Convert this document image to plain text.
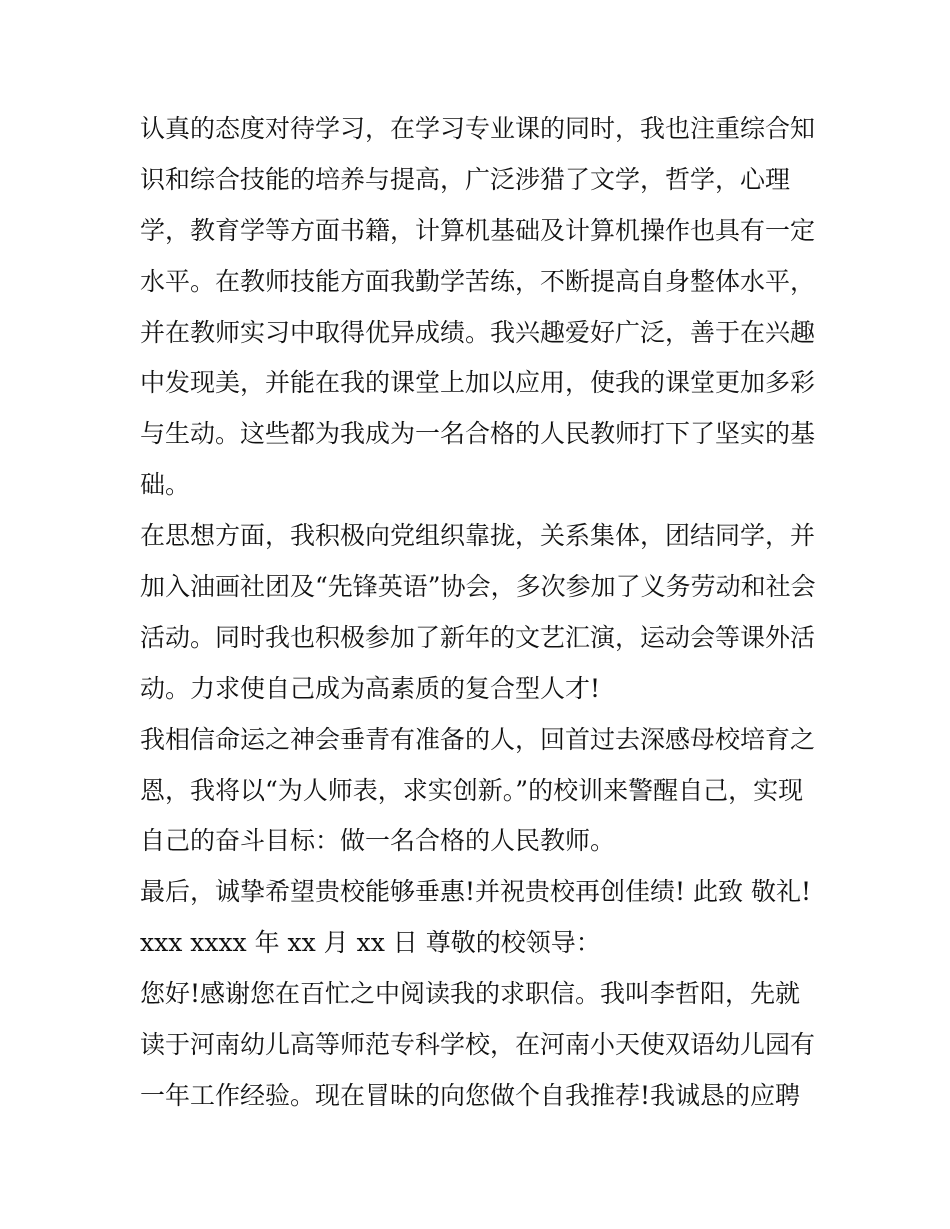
认真的态度对待学习，在学习专业课的同时，我也注重综合知
识和综合技能的培养与提高，广泛涉猎了文学，哲学，心理
学，教育学等方面书籍，计算机基础及计算机操作也具有一定
水平。在教师技能方面我勤学苦练，不断提高自身整体水平，
并在教师实习中取得优异成绩。我兴趣爱好广泛，善于在兴趣
中发现美，并能在我的课堂上加以应用，使我的课堂更加多彩
与生动。这些都为我成为一名合格的人民教师打下了坚实的基
础。
在思想方面，我积极向党组织靠拢，关系集体，团结同学，并
加入油画社团及“先锋英语”协会，多次参加了义务劳动和社会
活动。同时我也积极参加了新年的文艺汇演，运动会等课外活
动。力求使自己成为高素质的复合型人才!
我相信命运之神会垂青有准备的人，回首过去深感母校培育之
恩，我将以“为人师表，求实创新。”的校训来警醒自己，实现
自己的奋斗目标：做一名合格的人民教师。
最后，诚挚希望贵校能够垂惠!并祝贵校再创佳绩! 此致 敬礼!
xxx xxxx 年 xx 月 xx 日 尊敬的校领导：
您好!感谢您在百忙之中阅读我的求职信。我叫李哲阳，先就
读于河南幼儿高等师范专科学校，在河南小天使双语幼儿园有
一年工作经验。现在冒昧的向您做个自我推荐!我诚恳的应聘
